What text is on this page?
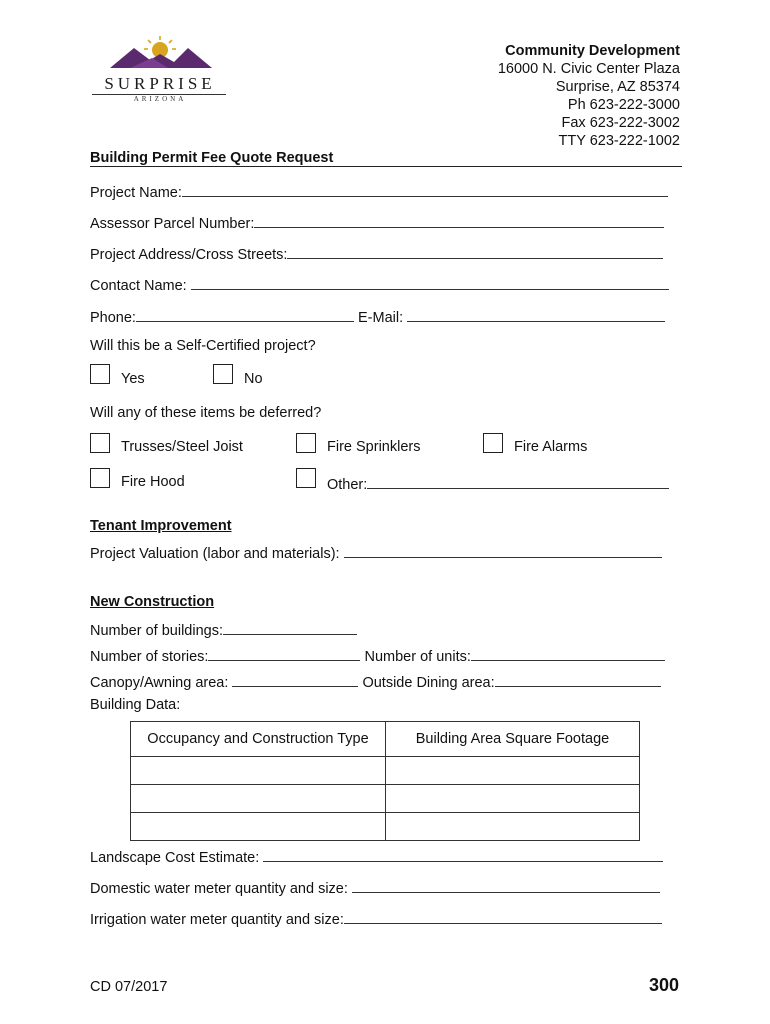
SURPRISE
ARIZONA
Community Development
16000 N. Civic Center Plaza
Surprise, AZ 85374
Ph 623-222-3000
Fax 623-222-3002
TTY 623-222-1002
Building Permit Fee Quote Request
Project Name:
Assessor Parcel Number:
Project Address/Cross Streets:
Contact Name:
Phone:	E-Mail:
Will this be a Self-Certified project?
Yes	No
Will any of these items be deferred?
Trusses/Steel Joist	Fire Sprinklers	Fire Alarms
Fire Hood	Other:
Tenant Improvement
Project Valuation (labor and materials):
New Construction
Number of buildings:
Number of stories:	Number of units:
Canopy/Awning area:	Outside Dining area:
Building Data:
Occupancy and Construction Type	Building Area Square Footage

Landscape Cost Estimate:
Domestic water meter quantity and size:
Irrigation water meter quantity and size:
CD 07/2017	300
